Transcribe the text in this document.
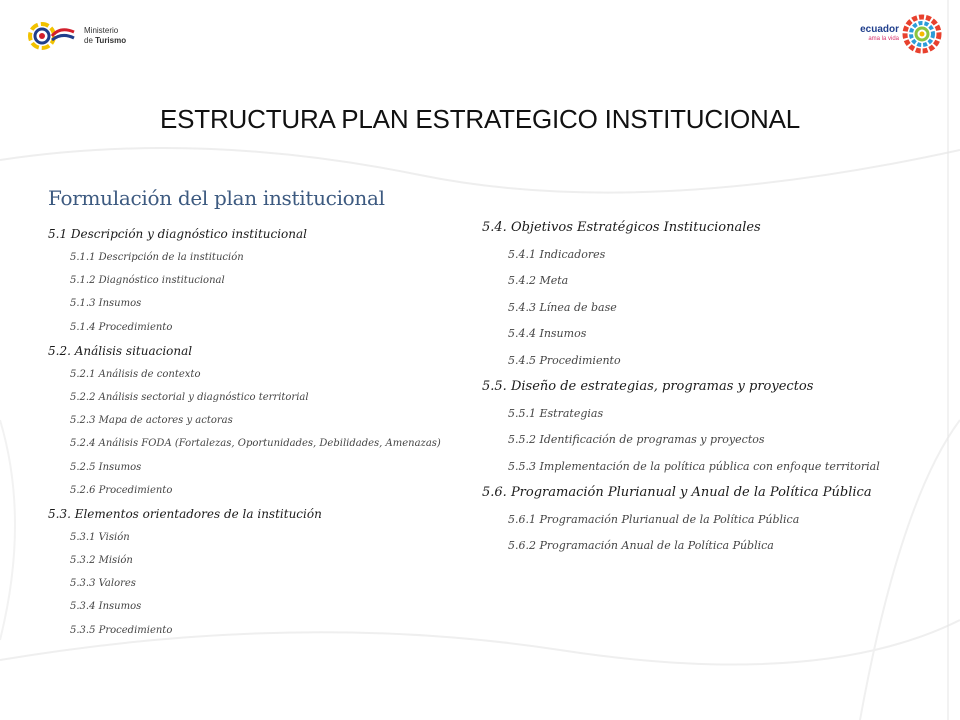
Ministerio
de Turismo
ecuador
ama la vida
ESTRUCTURA PLAN ESTRATEGICO INSTITUCIONAL
Formulación del plan institucional
5.1 Descripción y diagnóstico institucional
5.1.1 Descripción de la institución
5.1.2 Diagnóstico institucional
5.1.3 Insumos
5.1.4 Procedimiento
5.2. Análisis situacional
5.2.1 Análisis de contexto
5.2.2 Análisis sectorial y diagnóstico territorial
5.2.3 Mapa de actores y actoras
5.2.4 Análisis FODA (Fortalezas, Oportunidades, Debilidades, Amenazas)
5.2.5 Insumos
5.2.6 Procedimiento
5.3. Elementos orientadores de la institución
5.3.1 Visión
5.3.2 Misión
5.3.3 Valores
5.3.4 Insumos
5.3.5 Procedimiento
5.4. Objetivos Estratégicos Institucionales
5.4.1 Indicadores
5.4.2 Meta
5.4.3 Línea de base
5.4.4 Insumos
5.4.5 Procedimiento
5.5. Diseño de estrategias, programas y proyectos
5.5.1 Estrategias
5.5.2 Identificación de programas y proyectos
5.5.3 Implementación de la política pública con enfoque territorial
5.6. Programación Plurianual y Anual de la Política Pública
5.6.1 Programación Plurianual de la Política Pública
5.6.2 Programación Anual de la Política Pública
